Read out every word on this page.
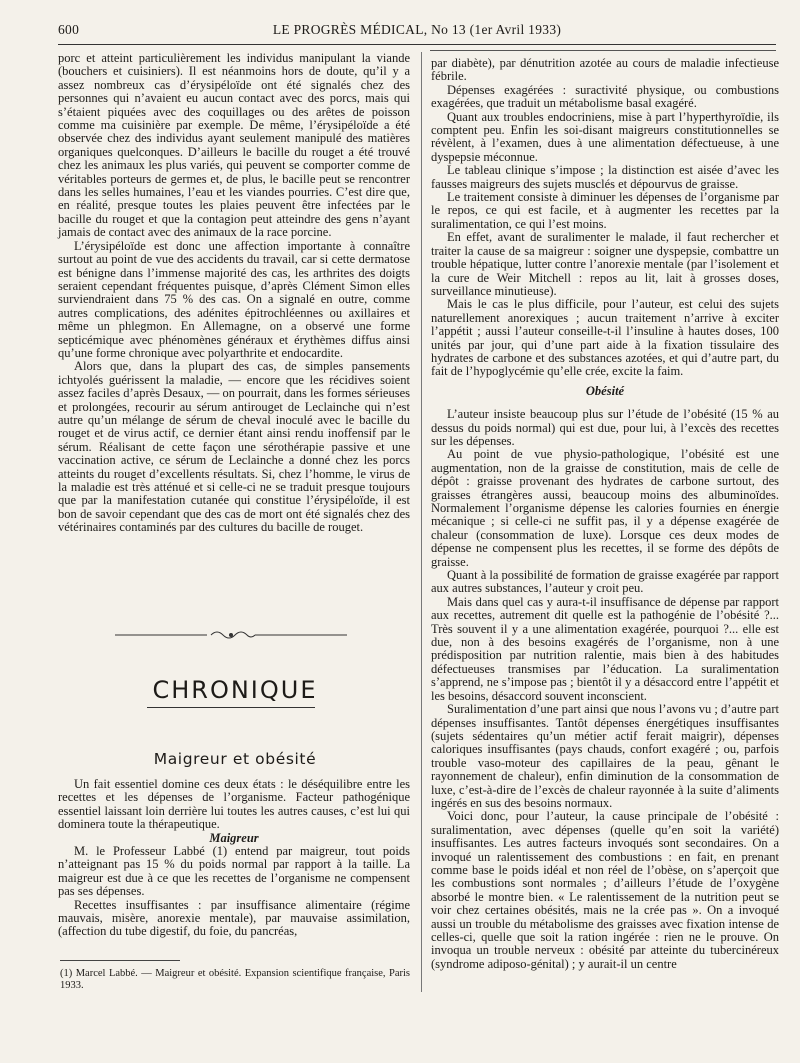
600	LE PROGRÈS MÉDICAL, No 13 (1er Avril 1933)

porc et atteint particulièrement les individus manipulant la viande (bouchers et cuisiniers). Il est néanmoins hors de doute, qu’il y a assez nombreux cas d’érysipéloïde ont été signalés chez des personnes qui n’avaient eu aucun contact avec des porcs, mais qui s’étaient piquées avec des coquillages ou des arêtes de poisson comme ma cuisinière par exemple. De même, l’érysipéloïde a été observée chez des individus ayant seulement manipulé des matières organiques quelconques. D’ailleurs le bacille du rouget a été trouvé chez les animaux les plus variés, qui peuvent se comporter comme de véritables porteurs de germes et, de plus, le bacille peut se rencontrer dans les selles humaines, l’eau et les viandes pourries. C’est dire que, en réalité, presque toutes les plaies peuvent être infectées par le bacille du rouget et que la contagion peut atteindre des gens n’ayant jamais de contact avec des animaux de la race porcine.

L’érysipéloïde est donc une affection importante à connaître surtout au point de vue des accidents du travail, car si cette dermatose est bénigne dans l’immense majorité des cas, les arthrites des doigts seraient cependant fréquentes puisque, d’après Clément Simon elles surviendraient dans 75 % des cas. On a signalé en outre, comme autres complications, des adénites épitrochléennes ou axillaires et même un phlegmon. En Allemagne, on a observé une forme septicémique avec phénomènes généraux et érythèmes diffus ainsi qu’une forme chronique avec polyarthrite et endocardite.

Alors que, dans la plupart des cas, de simples pansements ichtyolés guérissent la maladie, — encore que les récidives soient assez faciles d’après Desaux, — on pourrait, dans les formes sérieuses et prolongées, recourir au sérum antirouget de Leclainche qui n’est autre qu’un mélange de sérum de cheval inoculé avec le bacille du rouget et de virus actif, ce dernier étant ainsi rendu inoffensif par le sérum. Réalisant de cette façon une sérothérapie passive et une vaccination active, ce sérum de Leclainche a donné chez les porcs atteints du rouget d’excellents résultats. Si, chez l’homme, le virus de la maladie est très atténué et si celle-ci ne se traduit presque toujours que par la manifestation cutanée qui constitue l’érysipéloïde, il est bon de savoir cependant que des cas de mort ont été signalés chez des vétérinaires contaminés par des cultures du bacille de rouget.

CHRONIQUE
Maigreur et obésité

Un fait essentiel domine ces deux états : le déséquilibre entre les recettes et les dépenses de l’organisme. Facteur pathogénique essentiel laissant loin derrière lui toutes les autres causes, c’est lui qui dominera toute la thérapeutique.

Maigreur

M. le Professeur Labbé (1) entend par maigreur, tout poids n’atteignant pas 15 % du poids normal par rapport à la taille. La maigreur est due à ce que les recettes de l’organisme ne compensent pas ses dépenses.

Recettes insuffisantes : par insuffisance alimentaire (régime mauvais, misère, anorexie mentale), par mauvaise assimilation, (affection du tube digestif, du foie, du pancréas,

(1) Marcel Labbé. — Maigreur et obésité. Expansion scientifique française, Paris 1933.

par diabète), par dénutrition azotée au cours de maladie infectieuse fébrile.

Dépenses exagérées : suractivité physique, ou combustions exagérées, que traduit un métabolisme basal exagéré.

Quant aux troubles endocriniens, mise à part l’hyperthyroïdie, ils comptent peu. Enfin les soi-disant maigreurs constitutionnelles se révèlent, à l’examen, dues à une alimentation défectueuse, à une dyspepsie méconnue.

Le tableau clinique s’impose ; la distinction est aisée d’avec les fausses maigreurs des sujets musclés et dépourvus de graisse.

Le traitement consiste à diminuer les dépenses de l’organisme par le repos, ce qui est facile, et à augmenter les recettes par la suralimentation, ce qui l’est moins.

En effet, avant de suralimenter le malade, il faut rechercher et traiter la cause de sa maigreur : soigner une dyspepsie, combattre un trouble hépatique, lutter contre l’anorexie mentale (par l’isolement et la cure de Weir Mitchell : repos au lit, lait à grosses doses, surveillance minutieuse).

Mais le cas le plus difficile, pour l’auteur, est celui des sujets naturellement anorexiques ; aucun traitement n’arrive à exciter l’appétit ; aussi l’auteur conseille-t-il l’insuline à hautes doses, 100 unités par jour, qui d’une part aide à la fixation tissulaire des hydrates de carbone et des substances azotées, et qui d’autre part, du fait de l’hypoglycémie qu’elle crée, excite la faim.

Obésité

L’auteur insiste beaucoup plus sur l’étude de l’obésité (15 % au dessus du poids normal) qui est due, pour lui, à l’excès des recettes sur les dépenses.

Au point de vue physio-pathologique, l’obésité est une augmentation, non de la graisse de constitution, mais de celle de dépôt : graisse provenant des hydrates de carbone surtout, des graisses étrangères aussi, beaucoup moins des albuminoïdes. Normalement l’organisme dépense les calories fournies en énergie mécanique ; si celle-ci ne suffit pas, il y a dépense exagérée de chaleur (consommation de luxe). Lorsque ces deux modes de dépense ne compensent plus les recettes, il se forme des dépôts de graisse.

Quant à la possibilité de formation de graisse exagérée par rapport aux autres substances, l’auteur y croit peu.

Mais dans quel cas y aura-t-il insuffisance de dépense par rapport aux recettes, autrement dit quelle est la pathogénie de l’obésité ?... Très souvent il y a une alimentation exagérée, pourquoi ?... elle est due, non à des besoins exagérés de l’organisme, non à une prédisposition par nutrition ralentie, mais bien à des habitudes défectueuses transmises par l’éducation. La suralimentation s’apprend, ne s’impose pas ; bientôt il y a désaccord entre l’appétit et les besoins, désaccord souvent inconscient.

Suralimentation d’une part ainsi que nous l’avons vu ; d’autre part dépenses insuffisantes. Tantôt dépenses énergétiques insuffisantes (sujets sédentaires qu’un métier actif ferait maigrir), dépenses caloriques insuffisantes (pays chauds, confort exagéré ; ou, parfois trouble vaso-moteur des capillaires de la peau, gênant le rayonnement de chaleur), enfin diminution de la consommation de luxe, c’est-à-dire de l’excès de chaleur rayonnée à la suite d’aliments ingérés en sus des besoins normaux.

Voici donc, pour l’auteur, la cause principale de l’obésité : suralimentation, avec dépenses (quelle qu’en soit la variété) insuffisantes. Les autres facteurs invoqués sont secondaires. On a invoqué un ralentissement des combustions : en fait, en prenant comme base le poids idéal et non réel de l’obèse, on s’aperçoit que les combustions sont normales ; d’ailleurs l’étude de l’oxygène absorbé le montre bien. « Le ralentissement de la nutrition peut se voir chez certaines obésités, mais ne la crée pas ». On a invoqué aussi un trouble du métabolisme des graisses avec fixation intense de celles-ci, quelle que soit la ration ingérée : rien ne le prouve. On invoqua un trouble nerveux : obésité par atteinte du tubercinéreux (syndrome adiposo-génital) ; y aurait-il un centre
